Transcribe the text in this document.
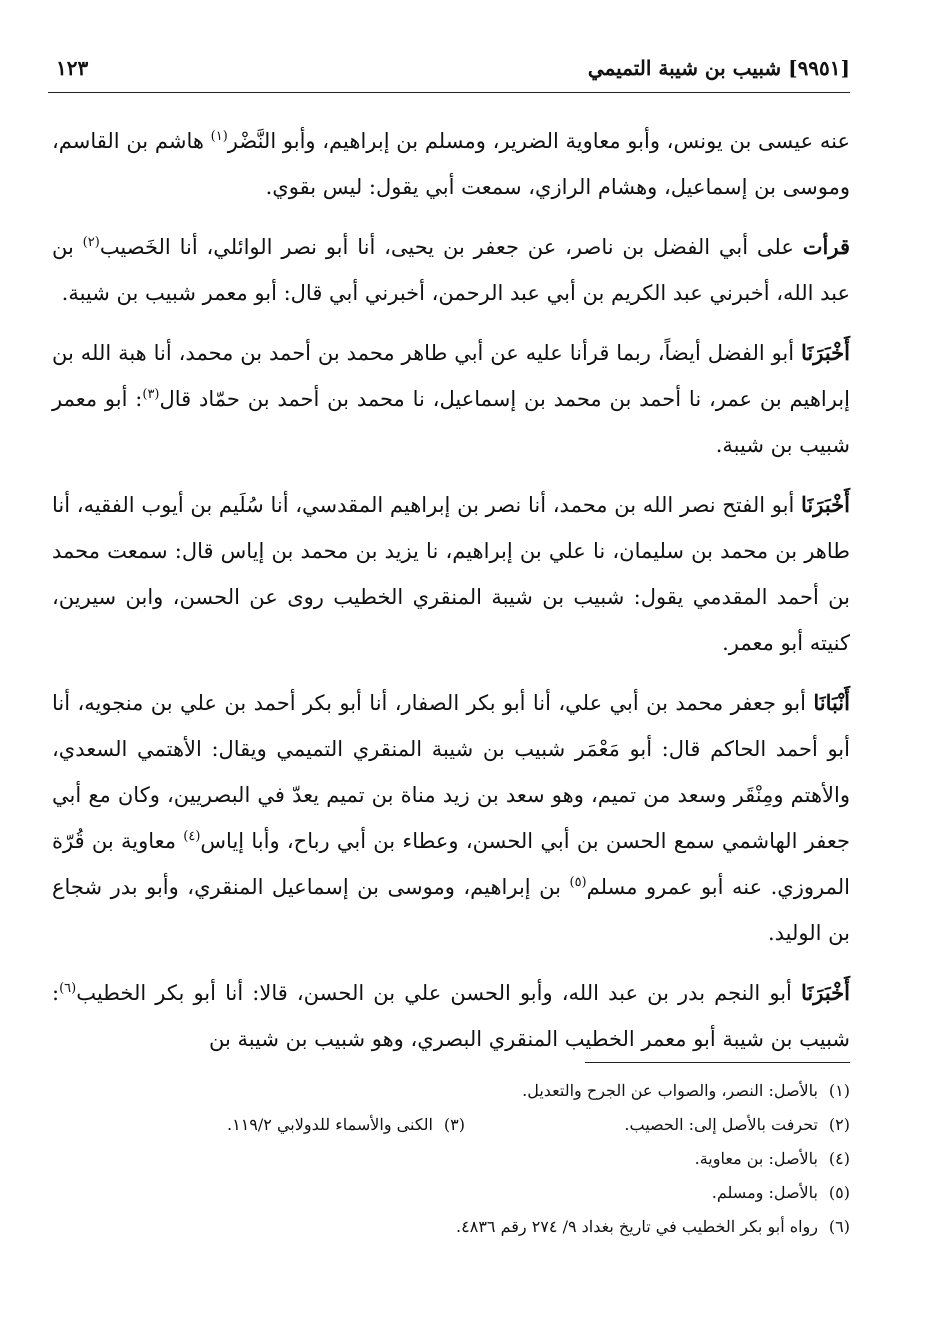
[٩٩٥١] شبيب بن شيبة التميمي
١٢٣

عنه عيسى بن يونس، وأبو معاوية الضرير، ومسلم بن إبراهيم، وأبو النَّضْر$^{(١)}$ هاشم بن القاسم، وموسى بن إسماعيل، وهشام الرازي، سمعت أبي يقول: ليس بقوي.

قرأت على أبي الفضل بن ناصر، عن جعفر بن يحيى، أنا أبو نصر الوائلي، أنا الخَصيب$^{(٢)}$ بن عبد الله، أخبرني عبد الكريم بن أبي عبد الرحمن، أخبرني أبي قال: أبو معمر شبيب بن شيبة.

أَخْبَرَنَا أبو الفضل أيضاً، ربما قرأنا عليه عن أبي طاهر محمد بن أحمد بن محمد، أنا هبة الله بن إبراهيم بن عمر، نا أحمد بن محمد بن إسماعيل، نا محمد بن أحمد بن حمّاد قال$^{(٣)}$: أبو معمر شبيب بن شيبة.

أَخْبَرَنَا أبو الفتح نصر الله بن محمد، أنا نصر بن إبراهيم المقدسي، أنا سُلَيم بن أيوب الفقيه، أنا طاهر بن محمد بن سليمان، نا علي بن إبراهيم، نا يزيد بن محمد بن إياس قال: سمعت محمد بن أحمد المقدمي يقول: شبيب بن شيبة المنقري الخطيب روى عن الحسن، وابن سيرين، كنيته أبو معمر.

أَنْبَانَا أبو جعفر محمد بن أبي علي، أنا أبو بكر الصفار، أنا أبو بكر أحمد بن علي بن منجويه، أنا أبو أحمد الحاكم قال: أبو مَعْمَر شبيب بن شيبة المنقري التميمي ويقال: الأهتمي السعدي، والأهتم ومِنْقَر وسعد من تميم، وهو سعد بن زيد مناة بن تميم يعدّ في البصريين، وكان مع أبي جعفر الهاشمي سمع الحسن بن أبي الحسن، وعطاء بن أبي رباح، وأبا إياس$^{(٤)}$ معاوية بن قُرّة المروزي. عنه أبو عمرو مسلم$^{(٥)}$ بن إبراهيم، وموسى بن إسماعيل المنقري، وأبو بدر شجاع بن الوليد.

أَخْبَرَنَا أبو النجم بدر بن عبد الله، وأبو الحسن علي بن الحسن، قالا: أنا أبو بكر الخطيب$^{(٦)}$: شبيب بن شيبة أبو معمر الخطيب المنقري البصري، وهو شبيب بن شيبة بن

(١)بالأصل: النصر، والصواب عن الجرح والتعديل.
(٢)تحرفت بالأصل إلى: الحصيب.
(٣)الكنى والأسماء للدولابي ١١٩/٢.
(٤)بالأصل: بن معاوية.
(٥)بالأصل: ومسلم.
(٦)رواه أبو بكر الخطيب في تاريخ بغداد ٩/ ٢٧٤ رقم ٤٨٣٦.
